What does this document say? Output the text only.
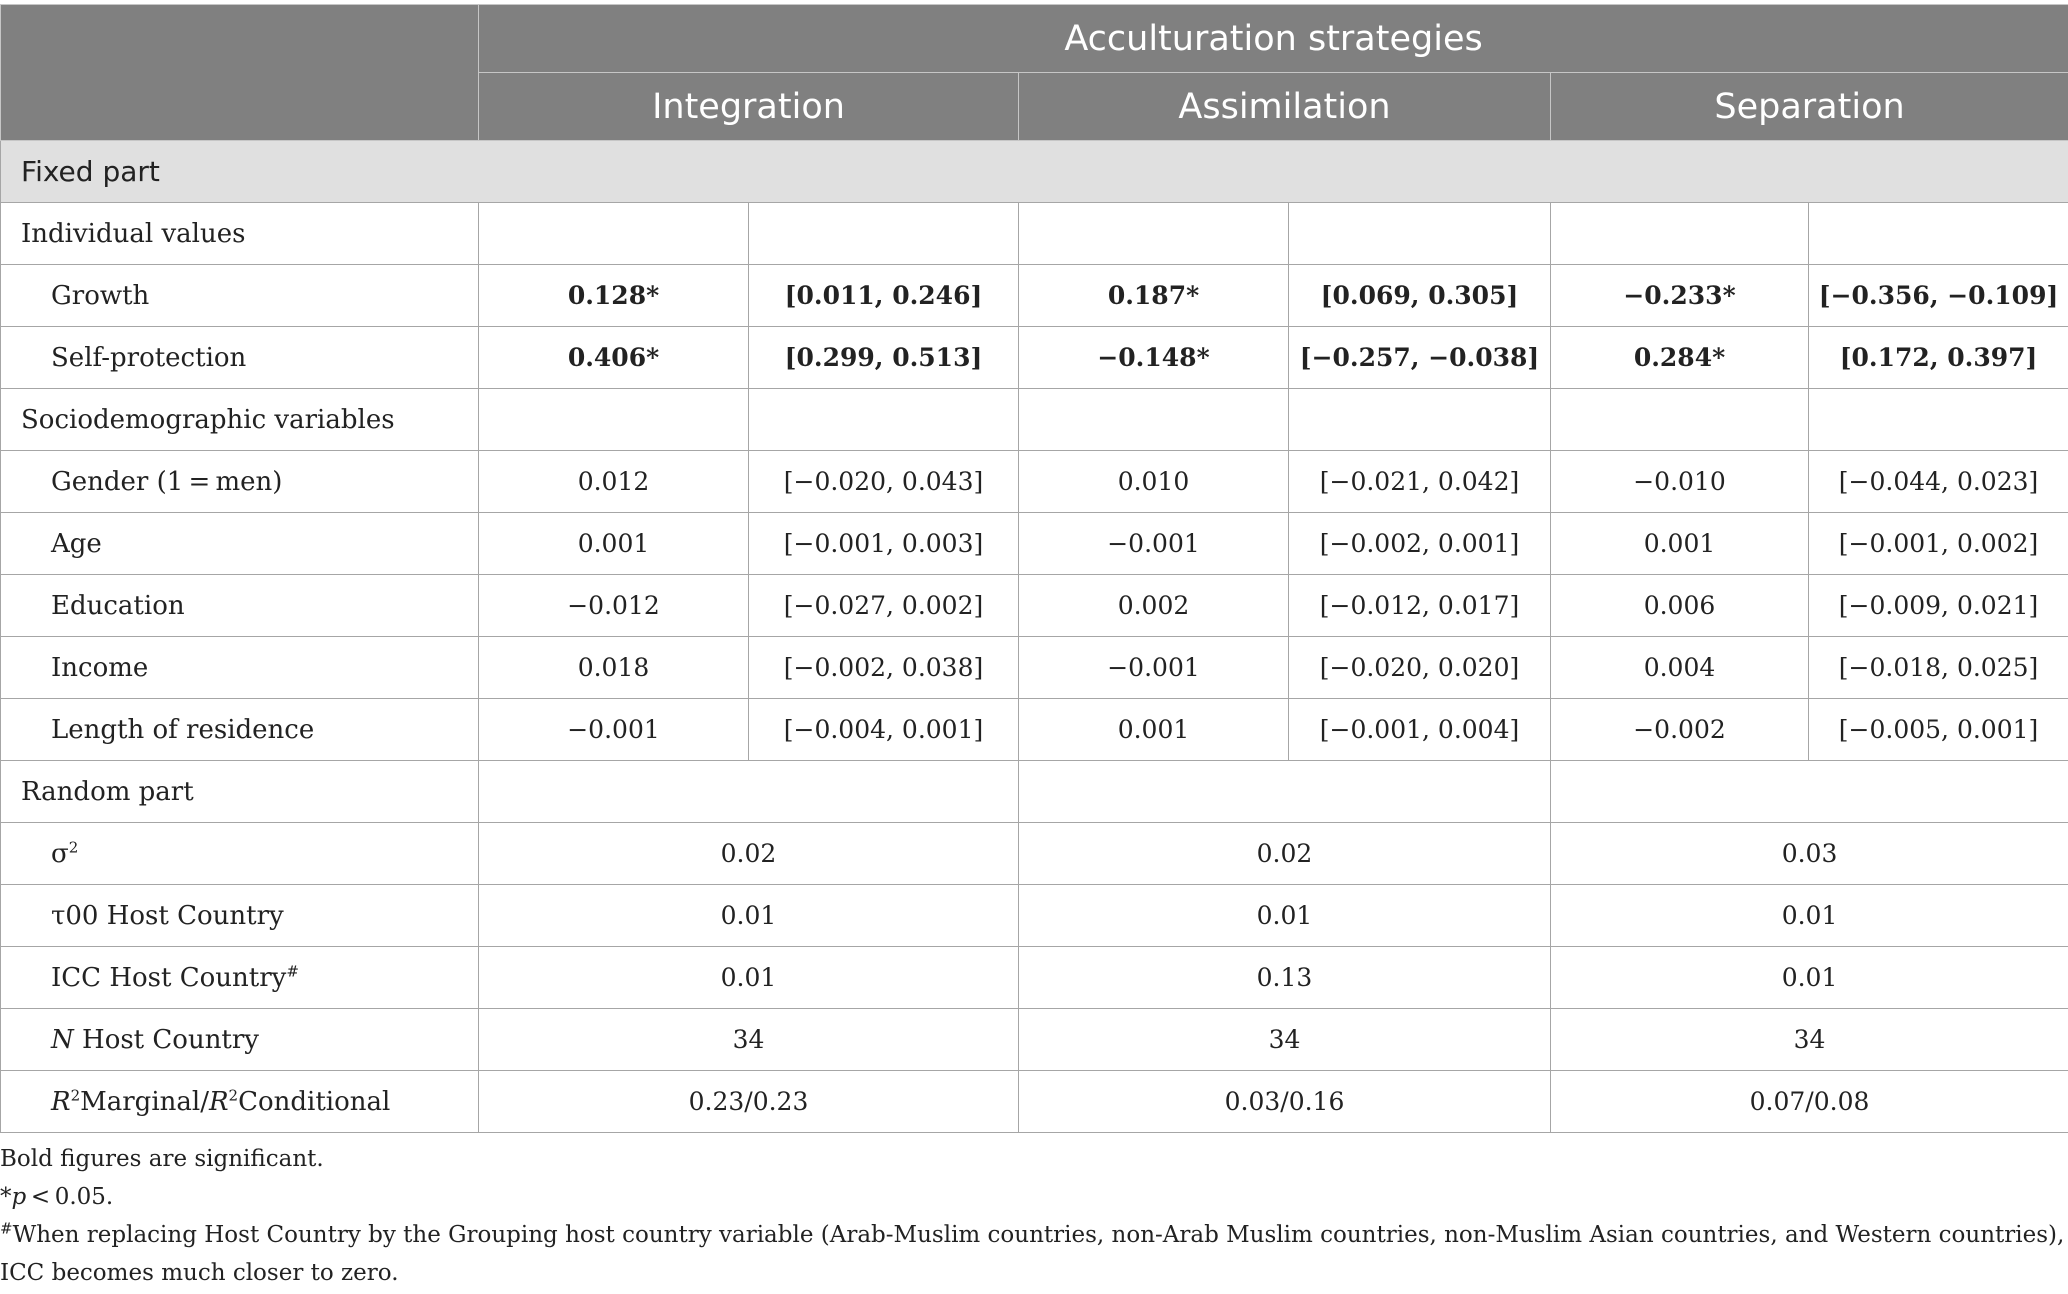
	Acculturation strategies					
	Integration		Assimilation		Separation	
Fixed part						
Individual values						
Growth	0.128*	[0.011, 0.246]	0.187*	[0.069, 0.305]	−0.233*	[−0.356, −0.109]
Self-protection	0.406*	[0.299, 0.513]	−0.148*	[−0.257, −0.038]	0.284*	[0.172, 0.397]
Sociodemographic variables						
Gender (1 = men)	0.012	[−0.020, 0.043]	0.010	[−0.021, 0.042]	−0.010	[−0.044, 0.023]
Age	0.001	[−0.001, 0.003]	−0.001	[−0.002, 0.001]	0.001	[−0.001, 0.002]
Education	−0.012	[−0.027, 0.002]	0.002	[−0.012, 0.017]	0.006	[−0.009, 0.021]
Income	0.018	[−0.002, 0.038]	−0.001	[−0.020, 0.020]	0.004	[−0.018, 0.025]
Length of residence	−0.001	[−0.004, 0.001]	0.001	[−0.001, 0.004]	−0.002	[−0.005, 0.001]
Random part						
$\sigma^2$	0.02		0.02		0.03	
τ00 Host Country	0.01		0.01		0.01	
ICC Host Country#	0.01		0.13		0.01	
N Host Country	34		34		34	
$R^2Marginal/R^2Conditional$	0.23/0.23		0.03/0.16		0.07/0.08	
Bold figures are significant.
*p < 0.05.
#When replacing Host Country by the Grouping host country variable (Arab-Muslim countries, non-Arab Muslim countries, non-Muslim Asian countries, and Western countries), ICC becomes much closer to zero.
